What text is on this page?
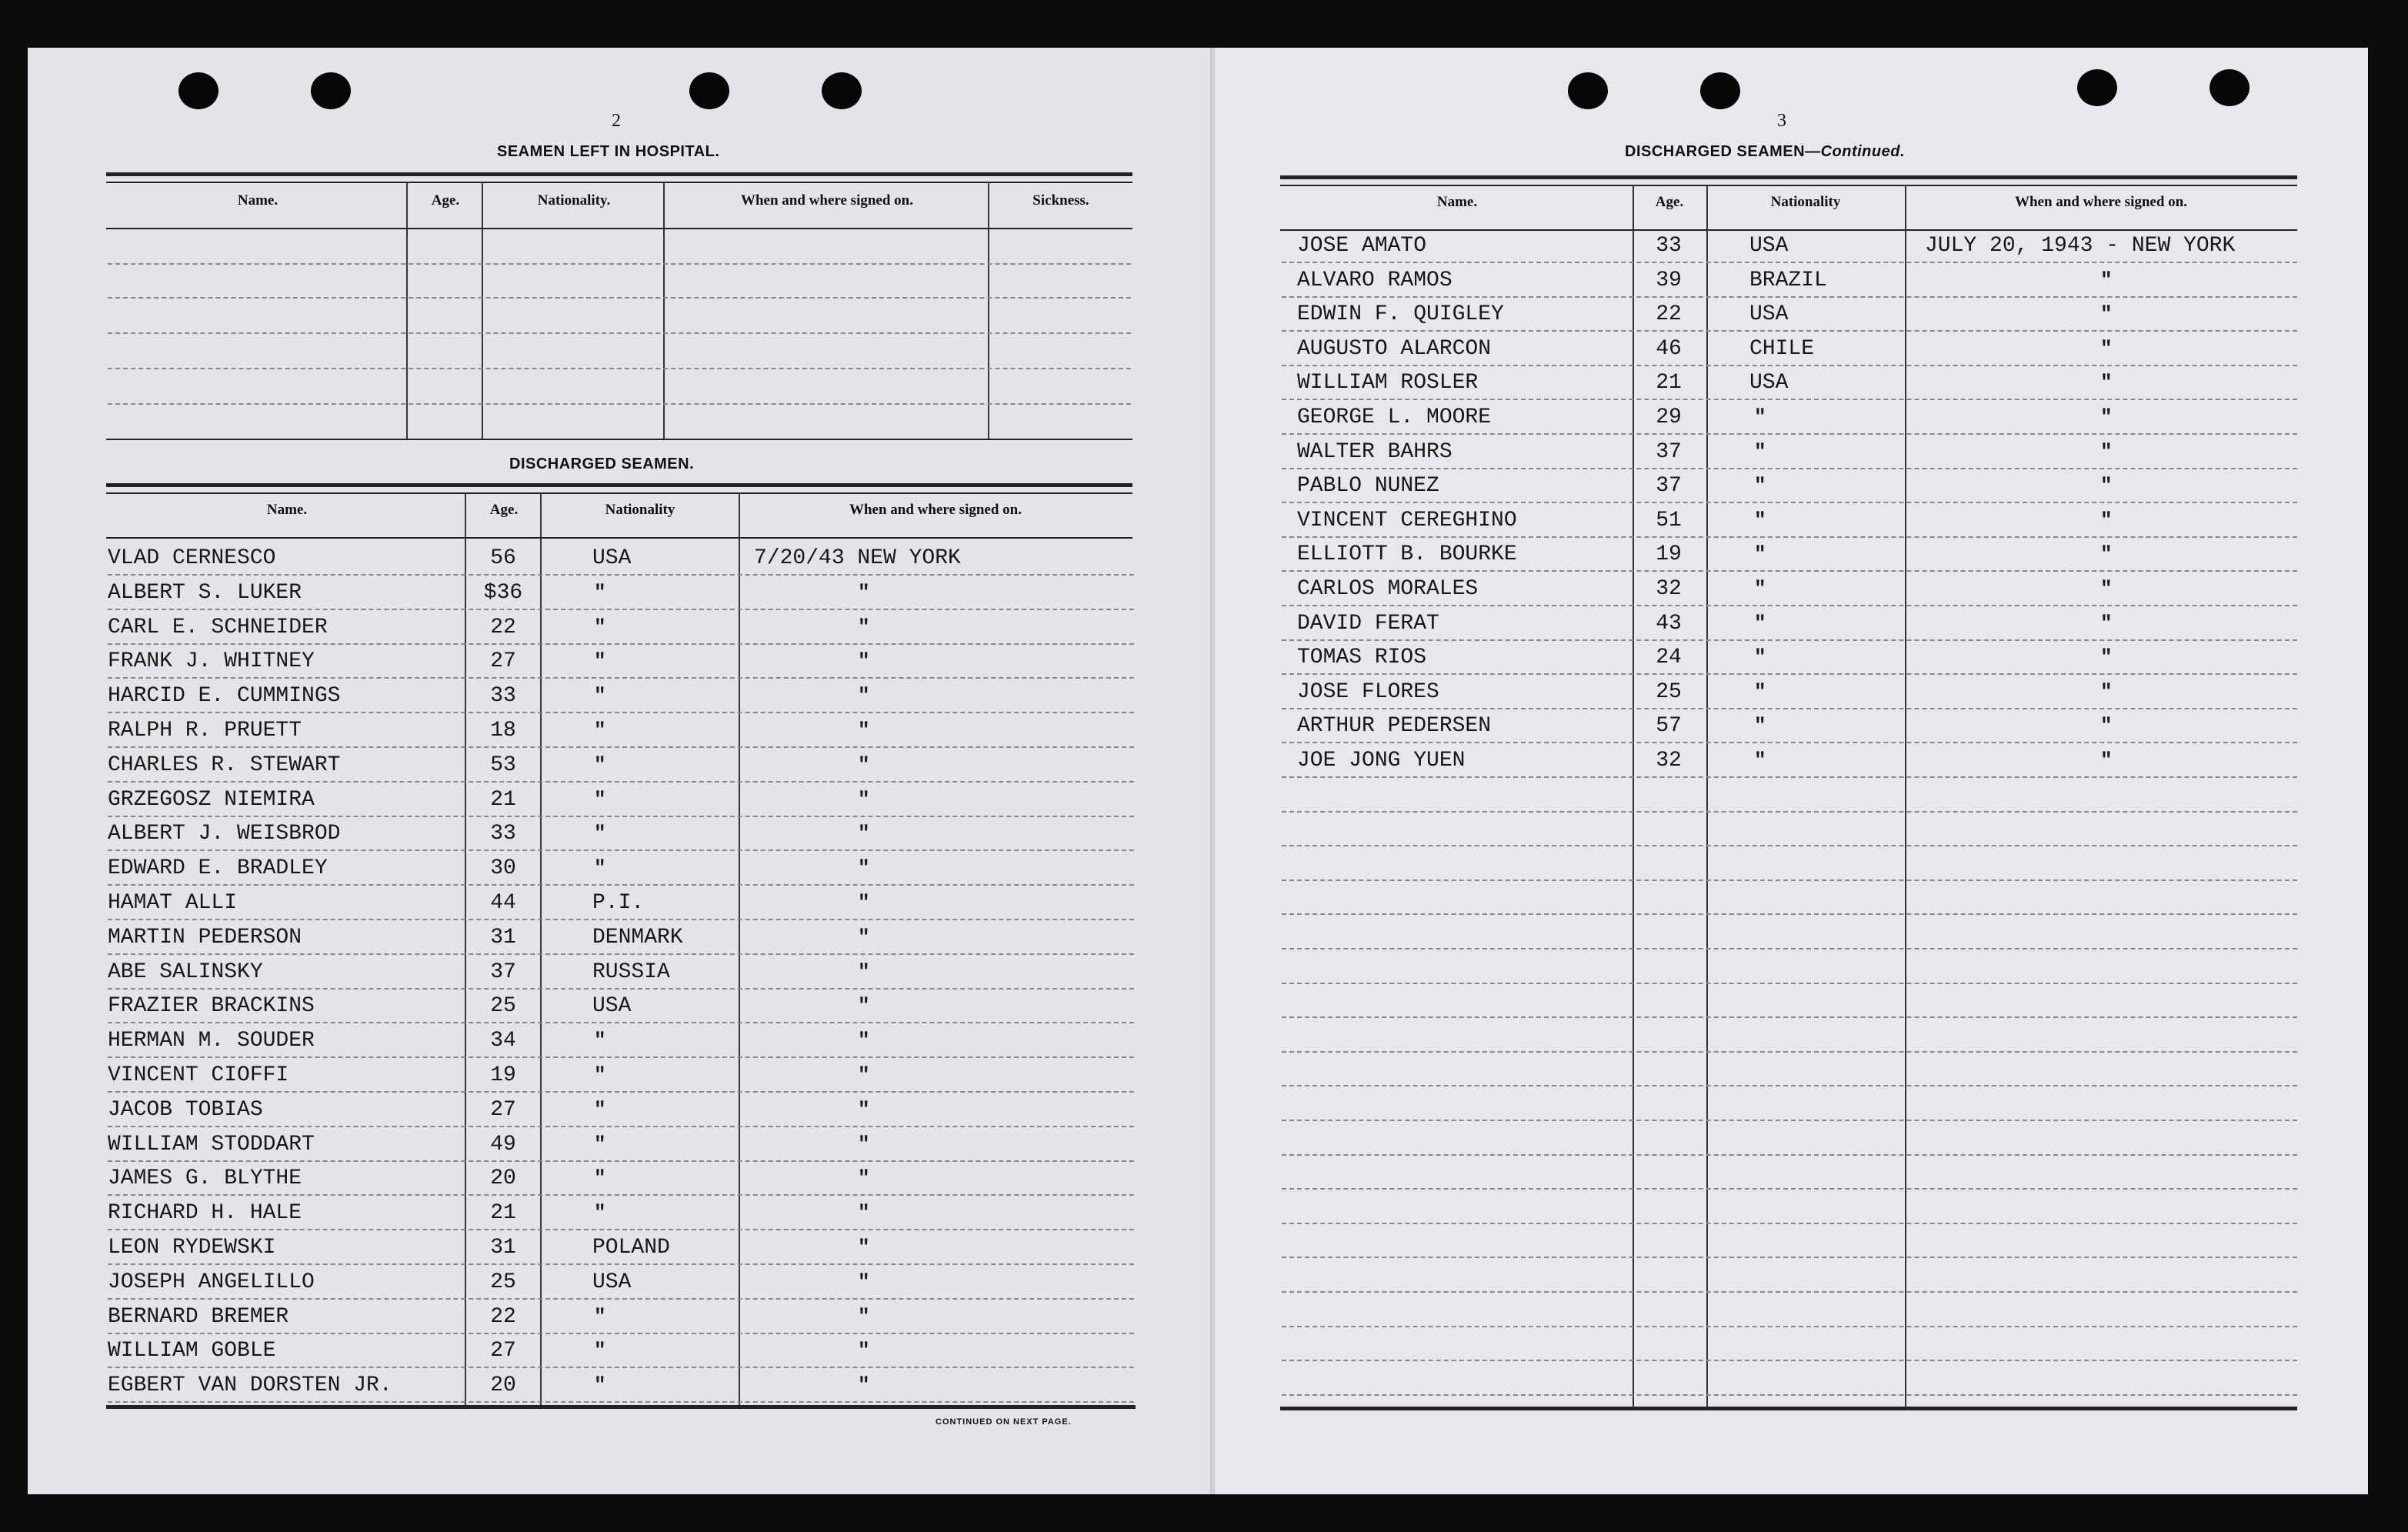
2
SEAMEN LEFT IN HOSPITAL.
Name.	Age.	Nationality.	When and where signed on.	Sickness.
DISCHARGED SEAMEN.
Name.	Age.	Nationality	When and where signed on.
VLAD CERNESCO	56	USA	7/20/43 NEW YORK
ALBERT S. LUKER	$36	"	"
CARL E. SCHNEIDER	22	"	"
FRANK J. WHITNEY	27	"	"
HARCID E. CUMMINGS	33	"	"
RALPH R. PRUETT	18	"	"
CHARLES R. STEWART	53	"	"
GRZEGOSZ NIEMIRA	21	"	"
ALBERT J. WEISBROD	33	"	"
EDWARD E. BRADLEY	30	"	"
HAMAT ALLI	44	P.I.	"
MARTIN PEDERSON	31	DENMARK	"
ABE SALINSKY	37	RUSSIA	"
FRAZIER BRACKINS	25	USA	"
HERMAN M. SOUDER	34	"	"
VINCENT CIOFFI	19	"	"
JACOB TOBIAS	27	"	"
WILLIAM STODDART	49	"	"
JAMES G. BLYTHE	20	"	"
RICHARD H. HALE	21	"	"
LEON RYDEWSKI	31	POLAND	"
JOSEPH ANGELILLO	25	USA	"
BERNARD BREMER	22	"	"
WILLIAM GOBLE	27	"	"
EGBERT VAN DORSTEN JR.	20	"	"
CONTINUED ON NEXT PAGE.
3
DISCHARGED SEAMEN—Continued.
Name.	Age.	Nationality	When and where signed on.
JOSE AMATO	33	USA	JULY 20, 1943 - NEW YORK
ALVARO RAMOS	39	BRAZIL	"
EDWIN F. QUIGLEY	22	USA	"
AUGUSTO ALARCON	46	CHILE	"
WILLIAM ROSLER	21	USA	"
GEORGE L. MOORE	29	"	"
WALTER BAHRS	37	"	"
PABLO NUNEZ	37	"	"
VINCENT CEREGHINO	51	"	"
ELLIOTT B. BOURKE	19	"	"
CARLOS MORALES	32	"	"
DAVID FERAT	43	"	"
TOMAS RIOS	24	"	"
JOSE FLORES	25	"	"
ARTHUR PEDERSEN	57	"	"
JOE JONG YUEN	32	"	"
